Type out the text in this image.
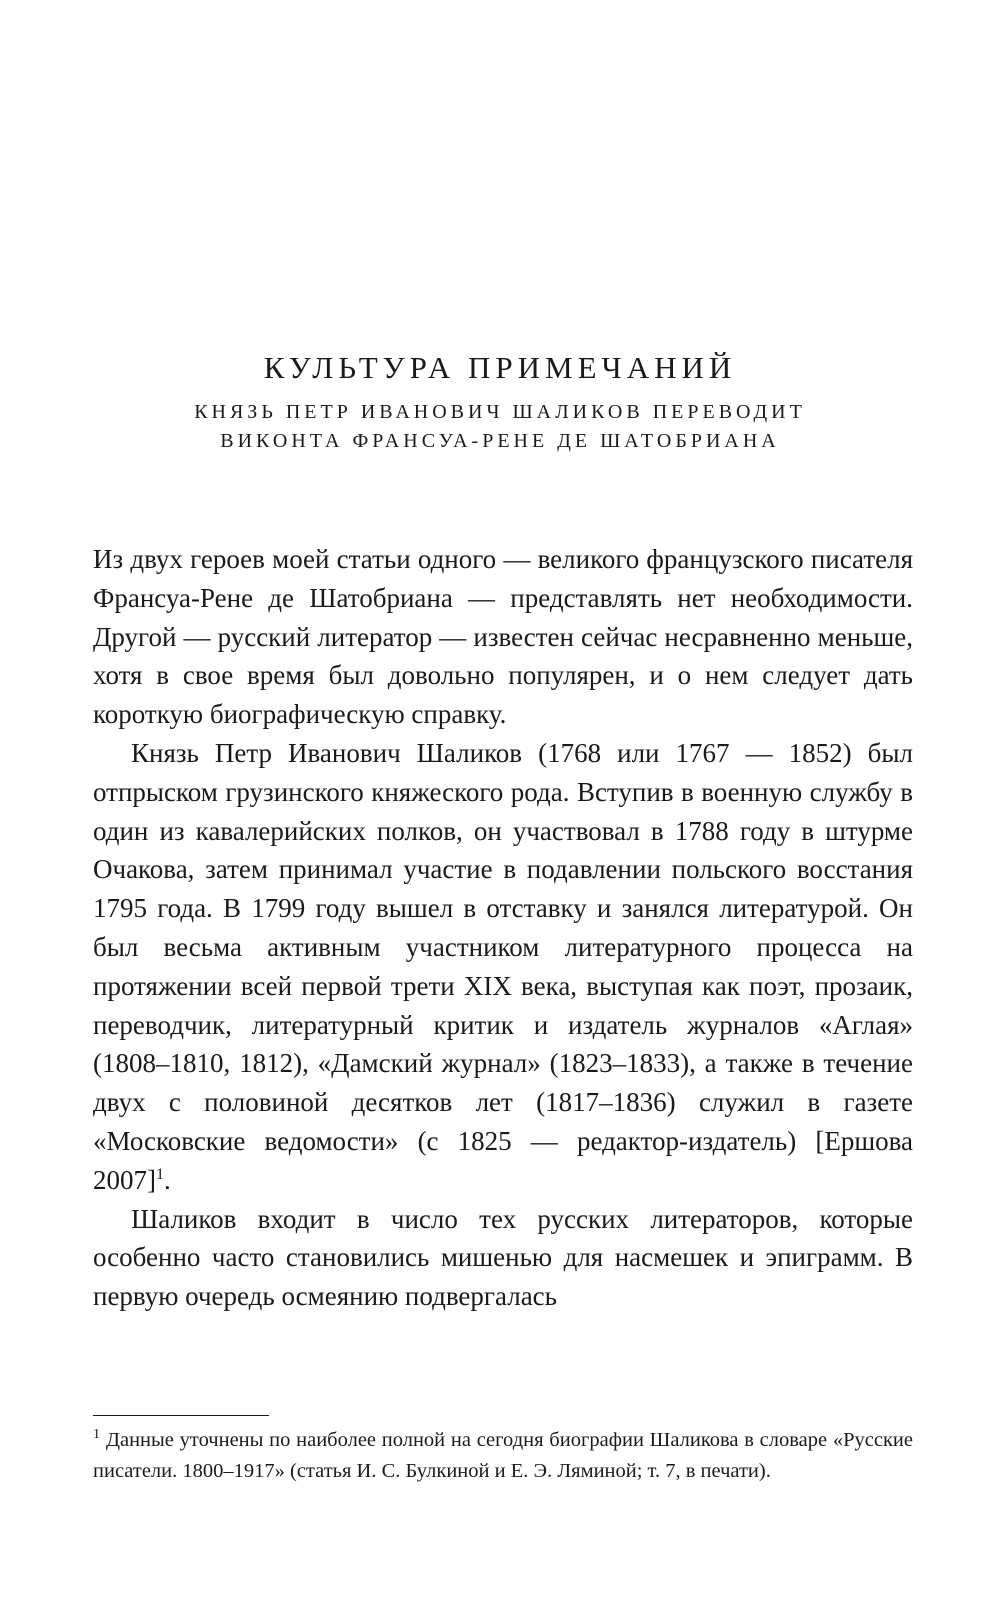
КУЛЬТУРА ПРИМЕЧАНИЙ
КНЯЗЬ ПЕТР ИВАНОВИЧ ШАЛИКОВ ПЕРЕВОДИТ
ВИКОНТА ФРАНСУА-РЕНЕ ДЕ ШАТОБРИАНА

Из двух героев моей статьи одного — великого французского писателя Франсуа-Рене де Шатобриана — представлять нет необходимости. Другой — русский литератор — известен сейчас несравненно меньше, хотя в свое время был довольно популярен, и о нем следует дать короткую биографическую справку.

Князь Петр Иванович Шаликов (1768 или 1767 — 1852) был отпрыском грузинского княжеского рода. Вступив в военную службу в один из кавалерийских полков, он участвовал в 1788 году в штурме Очакова, затем принимал участие в подавлении польского восстания 1795 года. В 1799 году вышел в отставку и занялся литературой. Он был весьма активным участником литературного процесса на протяжении всей первой трети XIX века, выступая как поэт, прозаик, переводчик, литературный критик и издатель журналов «Аглая» (1808–1810, 1812), «Дамский журнал» (1823–1833), а также в течение двух с половиной десятков лет (1817–1836) служил в газете «Московские ведомости» (с 1825 — редактор-издатель) [Ершова 2007]$^1$.

Шаликов входит в число тех русских литераторов, которые особенно часто становились мишенью для насмешек и эпиграмм. В первую очередь осмеянию подвергалась

$^1$ Данные уточнены по наиболее полной на сегодня биографии Шаликова в словаре «Русские писатели. 1800–1917» (статья И. С. Булкиной и Е. Э. Ляминой; т. 7, в печати).
